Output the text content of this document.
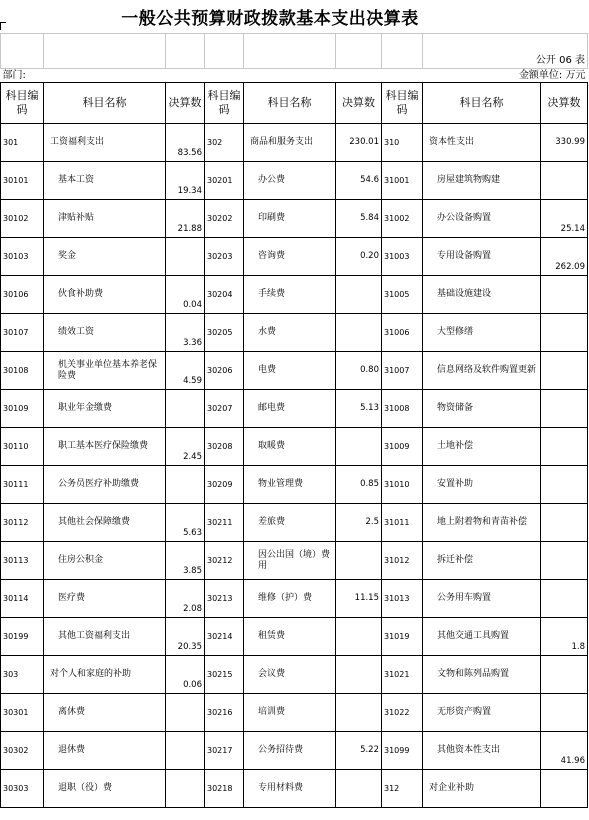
一般公共预算财政拨款基本支出决算表
							公开 06 表	
部门:					金额单位: 万元			
科目编码	科目名称	决算数	科目编码	科目名称	决算数	科目编码	科目名称	决算数
301	工资福利支出	83.56	302	商品和服务支出	230.01	310	资本性支出	330.99
30101	基本工资	19.34	30201	办公费	54.6	31001	房屋建筑物购建	
30102	津贴补贴	21.88	30202	印刷费	5.84	31002	办公设备购置	25.14
30103	奖金		30203	咨询费	0.20	31003	专用设备购置	262.09
30106	伙食补助费	0.04	30204	手续费		31005	基础设施建设	
30107	绩效工资	3.36	30205	水费		31006	大型修缮	
30108	机关事业单位基本养老保险费	4.59	30206	电费	0.80	31007	信息网络及软件购置更新	
30109	职业年金缴费		30207	邮电费	5.13	31008	物资储备	
30110	职工基本医疗保险缴费	2.45	30208	取暖费		31009	土地补偿	
30111	公务员医疗补助缴费		30209	物业管理费	0.85	31010	安置补助	
30112	其他社会保障缴费	5.63	30211	差旅费	2.5	31011	地上附着物和青苗补偿	
30113	住房公积金	3.85	30212	因公出国（境）费用		31012	拆迁补偿	
30114	医疗费	2.08	30213	维修（护）费	11.15	31013	公务用车购置	
30199	其他工资福利支出	20.35	30214	租赁费		31019	其他交通工具购置	1.8
303	对个人和家庭的补助	0.06	30215	会议费		31021	文物和陈列品购置	
30301	离休费		30216	培训费		31022	无形资产购置	
30302	退休费		30217	公务招待费	5.22	31099	其他资本性支出	41.96
30303	退职（役）费		30218	专用材料费		312	对企业补助	
